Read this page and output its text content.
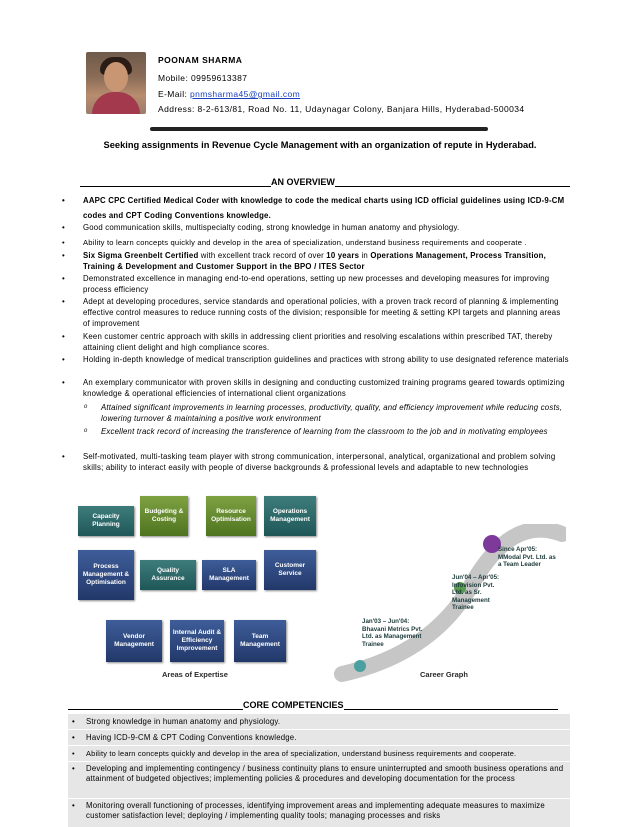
POONAM SHARMA
Mobile: 09959613387
E-Mail: pnmsharma45@gmail.com
Address: 8-2-613/81, Road No. 11, Udaynagar Colony, Banjara Hills, Hyderabad-500034
Seeking assignments in Revenue Cycle Management with an organization of repute in Hyderabad.
AN OVERVIEW
• AAPC CPC Certified Medical Coder with knowledge to code the medical charts using ICD official guidelines using ICD-9-CM codes and CPT Coding Conventions knowledge.
• Good communication skills, multispecialty coding, strong knowledge in human anatomy and physiology.
• Ability to learn concepts quickly and develop in the area of specialization, understand business requirements and cooperate .
• Six Sigma Greenbelt Certified with excellent track record of over 10 years in Operations Management, Process Transition, Training & Development and Customer Support in the BPO / ITES Sector
• Demonstrated excellence in managing end-to-end operations, setting up new processes and developing measures for improving process efficiency
• Adept at developing procedures, service standards and operational policies, with a proven track record of planning & implementing effective control measures to reduce running costs of the division; responsible for meeting & setting KPI targets and planning areas of improvement
• Keen customer centric approach with skills in addressing client priorities and resolving escalations within prescribed TAT, thereby attaining client delight and high compliance scores.
• Holding in-depth knowledge of medical transcription guidelines and practices with strong ability to use designated reference materials
• An exemplary communicator with proven skills in designing and conducting customized training programs geared towards optimizing knowledge & operational efficiencies of international client organizations
o Attained significant improvements in learning processes, productivity, quality, and efficiency improvement while reducing costs, lowering turnover & maintaining a positive work environment
o Excellent track record of increasing the transference of learning from the classroom to the job and in motivating employees
• Self-motivated, multi-tasking team player with strong communication, interpersonal, analytical, organizational and problem solving skills; ability to interact easily with people of diverse backgrounds & professional levels and adaptable to new technologies
Capacity Planning
Budgeting & Costing
Resource Optimisation
Operations Management
Process Management & Optimisation
Quality Assurance
SLA Management
Customer Service
Vendor Management
Internal Audit & Efficiency Improvement
Team Management
Areas of Expertise
Jan'03 – Jun'04: Bhavani Metrics Pvt. Ltd. as Management Trainee
Jun'04 – Apr'05: Infovision Pvt. Ltd. as Sr. Management Trainee
Since Apr'05: MModal Pvt. Ltd. as a Team Leader
Career Graph
CORE COMPETENCIES
• Strong knowledge in human anatomy and physiology.
• Having ICD-9-CM & CPT Coding Conventions knowledge.
• Ability to learn concepts quickly and develop in the area of specialization, understand business requirements and cooperate.
• Developing and implementing contingency / business continuity plans to ensure uninterrupted and smooth business operations and attainment of budgeted objectives; implementing policies & procedures and developing documentation for the process
• Monitoring overall functioning of processes, identifying improvement areas and implementing adequate measures to maximize customer satisfaction level; deploying / implementing quality tools; managing processes and risks
